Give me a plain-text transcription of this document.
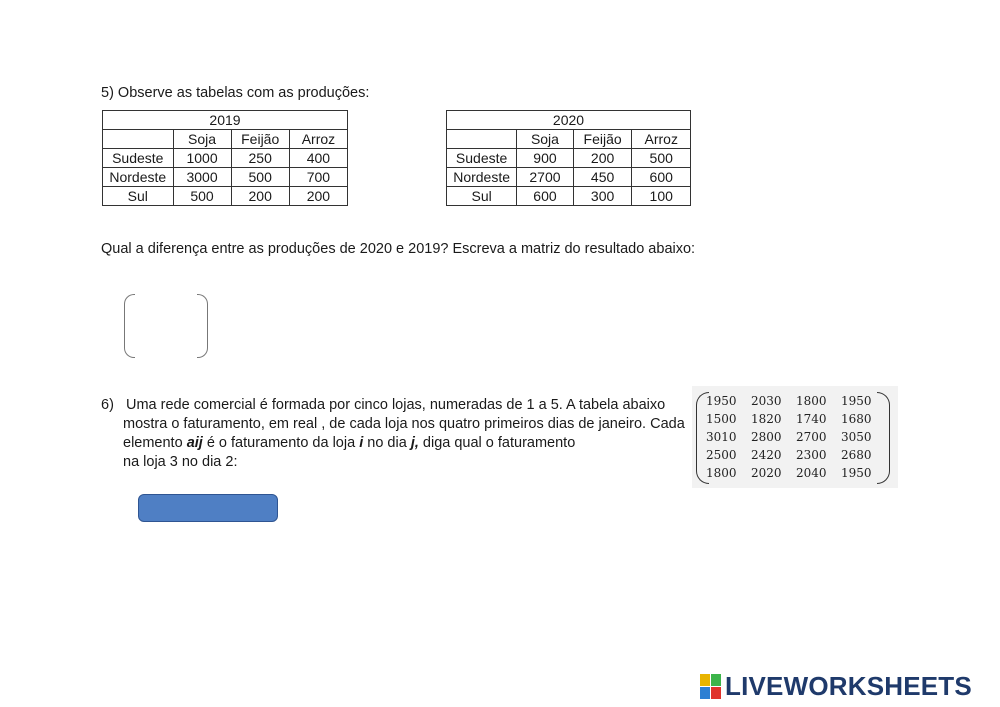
5) Observe as tabelas com as produções:
2019			
	Soja	Feijão	Arroz
Sudeste	1000	250	400
Nordeste	3000	500	700
Sul	500	200	200
2020			
	Soja	Feijão	Arroz
Sudeste	900	200	500
Nordeste	2700	450	600
Sul	600	300	100
Qual a diferença entre as produções de 2020 e 2019? Escreva a matriz do resultado abaixo:
6) Uma rede comercial é formada por cinco lojas, numeradas de 1 a 5. A tabela abaixo
mostra o faturamento, em real , de cada loja nos quatro primeiros dias de janeiro. Cada
elemento aij é o faturamento da loja i no dia j, diga qual o faturamento
na loja 3 no dia 2:
1950	2030	1800	1950
1500	1820	1740	1680
3010	2800	2700	3050
2500	2420	2300	2680
1800	2020	2040	1950
LIVEWORKSHEETS
